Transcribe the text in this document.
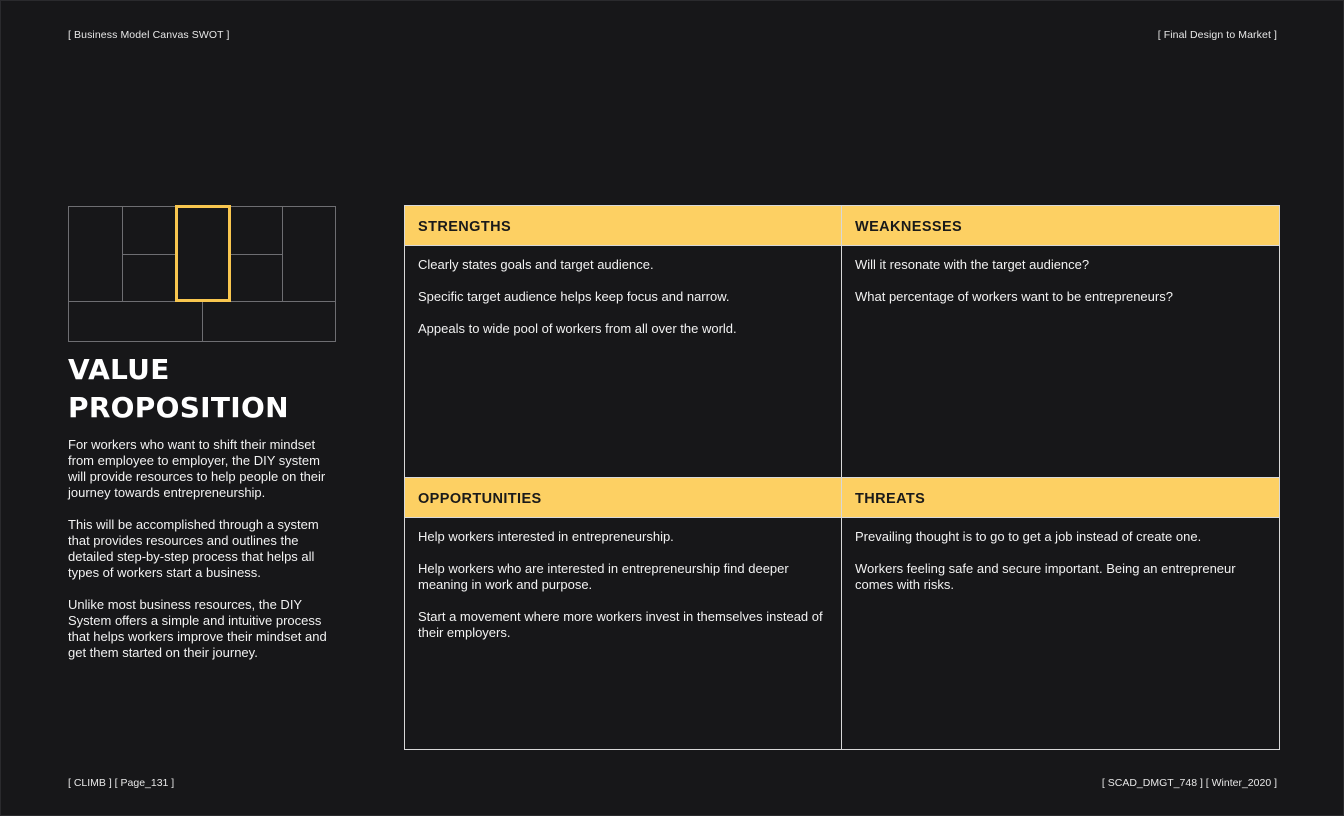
[ Business Model Canvas SWOT ]	[ Final Design to Market ]
VALUE PROPOSITION

For workers who want to shift their mindset from employee to employer, the DIY system will provide resources to help people on their journey towards entrepreneurship.

This will be accomplished through a system that provides resources and outlines the detailed step-by-step process that helps all types of workers start a business.

Unlike most business resources, the DIY System offers a simple and intuitive process that helps workers improve their mindset and get them started on their journey.

STRENGTHS
Clearly states goals and target audience.
Specific target audience helps keep focus and narrow.
Appeals to wide pool of workers from all over the world.
WEAKNESSES
Will it resonate with the target audience?
What percentage of workers want to be entrepreneurs?
OPPORTUNITIES
Help workers interested in entrepreneurship.
Help workers who are interested in entrepreneurship find deeper meaning in work and purpose.
Start a movement where more workers invest in themselves instead of their employers.
THREATS
Prevailing thought is to go to get a job instead of create one.
Workers feeling safe and secure important. Being an entrepreneur comes with risks.
[ CLIMB ] [ Page_131 ]	[ SCAD_DMGT_748 ] [ Winter_2020 ]
